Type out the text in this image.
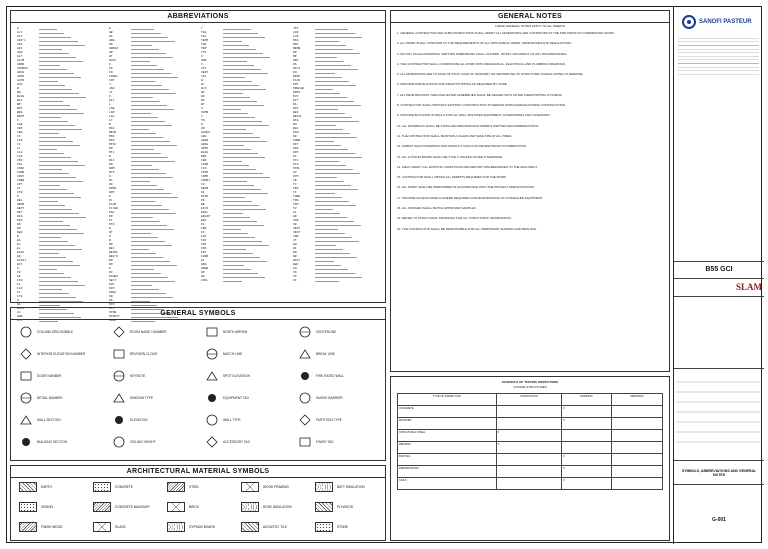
ABBREVIATIONS
A
A/C
ACT
ADD'L
ADJ
AFF
AHU
ALT
ALUM
ANOD
APPROX
ARCH
ASPH
AUTO
AVG
B
BD
BLDG
BLK
BM
BOT
BRG
BSMT
C
CAB
CEM
CER
CI
CIR
CJ
CL
CLG
CLR
CMU
COL
CONC
CONN
CONT
CORR
CPT
CT
CTR
D
DBL
DEMO
DEPT
DET
DIA
DIM
DN
DR
DWG
E
EA
EJ
EL
ELEV
EQ
EXIST
EXT
F
FD
FE
FIN
FL
FLR
FT
FTG
G
GA
GALV
GC
GWB
GYP
H
HB
HC
HDW
HM
HORIZ
HR
HT
HVAC
I
ID
IN
INSUL
INT
J
JAN
JT
K
KIT
L
LAB
LAM
LAV
LT
M
MAX
MECH
MFR
MIN
MISC
MO
MTL
N
NIC
NO
NOM
NTS
O
OC
OD
OPNG
OPP
P
PL
PLAM
PLYWD
PNL
PR
PT
PTD
Q
QT
R
R
RD
REF
REINF
REQ'D
RM
RO
S
SC
SCHED
SECT
SHT
SIM
SPEC
SQ
SS
STD
STL
STOR
STRUCT
SUSP
T
T&G
TEL
TEMP
THK
TOP
TYP
U
UNO
V
VCT
VERT
VIF
W
W/
W/O
WC
WD
WP
WT
X
XFMR
Y
YD
Z
ZN
ACOUS
ADH
AGGR
ANCH
APPD
BLKG
BRK
CBD
CHAM
CLO
CNTR
COMP
CONST
CU
DEPR
DF
DISP
DS
EB
EIFS
ENCL
EQUIP
EWC
FA
FBO
FF
FHC
FOC
FOF
FOS
FRT
FURR
GL
GRD
HDWD
HP
HW
INCL
JST
LKR
LVR
MAS
MDF
MEMB
MO
MR
NRC
OA
OFCI
OH
PERF
PLAS
PNT
PREFAB
PROJ
PVC
QTY
RA
RCP
RES
RESIL
RFG
RH
RWL
SAN
SD
SHWR
SKT
SOG
SPK
ST
STC
STA
STRL
SV
SYM
TB
TC
TER
TF
THRU
TOS
TPD
TV
UL
UR
VAR
VB
VENT
VEST
VNR
VT
WH
WI
WM
WR
WSCT
WWF
XH
XS
YP
ZC
GENERAL NOTES
THESE GENERAL NOTES APPLY TO ALL SHEETS
1. GENERAL CONTRACTOR AND SUBCONTRACTORS SHALL VERIFY ALL DIMENSIONS AND CONDITIONS AT THE SITE PRIOR TO COMMENCING WORK.
2. ALL WORK SHALL CONFORM TO THE REQUIREMENTS OF ALL APPLICABLE CODES, ORDINANCES AND REGULATIONS.
3. DO NOT SCALE DRAWINGS. WRITTEN DIMENSIONS SHALL GOVERN. NOTIFY ARCHITECT OF ANY DISCREPANCIES.
4. THE CONTRACTOR SHALL COORDINATE ALL WORK WITH MECHANICAL, ELECTRICAL AND PLUMBING DRAWINGS.
5. ALL DIMENSIONS ARE TO FACE OF STUD, FACE OF MASONRY OR CENTERLINE OF STRUCTURE UNLESS NOTED OTHERWISE.
6. PROVIDE FIRE BLOCKING AND DRAFTSTOPPING AS REQUIRED BY CODE.
7. ALL PENETRATIONS THROUGH RATED ASSEMBLIES SHALL BE SEALED WITH LISTED FIRESTOPPING SYSTEMS.
8. CONTRACTOR SHALL PROTECT EXISTING CONSTRUCTION TO REMAIN FROM DAMAGE DURING CONSTRUCTION.
9. PROVIDE BLOCKING IN WALLS FOR ALL WALL MOUNTED EQUIPMENT, ACCESSORIES AND CASEWORK.
10. ALL MATERIALS SHALL BE INSTALLED PER MANUFACTURER'S WRITTEN RECOMMENDATIONS.
11. THE CONTRACTOR SHALL MAINTAIN A CLEAN AND SAFE SITE AT ALL TIMES.
12. SUBMIT SHOP DRAWINGS AND PRODUCT DATA FOR REVIEW PRIOR TO FABRICATION.
13. ALL GYPSUM BOARD SHALL BE TYPE X UNLESS NOTED OTHERWISE.
14. FIELD VERIFY ALL EXISTING CONDITIONS AND REPORT DISCREPANCIES TO THE ARCHITECT.
15. CONTRACTOR SHALL OBTAIN ALL PERMITS REQUIRED FOR THE WORK.
16. ALL WORK SHALL BE PERFORMED IN ACCORDANCE WITH THE PROJECT SPECIFICATIONS.
17. PROVIDE ACCESS PANELS WHERE REQUIRED FOR MAINTENANCE OF CONCEALED EQUIPMENT.
18. ALL FINISHES SHALL MATCH APPROVED SAMPLES.
19. REFER TO STRUCTURAL DRAWINGS FOR ALL STRUCTURAL INFORMATION.
20. THE CONTRACTOR SHALL BE RESPONSIBLE FOR ALL TEMPORARY SHORING AND BRACING.
GENERAL SYMBOLS
COLUMN GRID BUBBLE
INTERIOR ELEVATION NUMBER
DOOR NUMBER
DETAIL NUMBER
WALL SECTION
BUILDING SECTION
ROOM NAME / NUMBER
REVISION CLOUD
KEYNOTE
WINDOW TYPE
ELEVATION
CEILING HEIGHT
NORTH ARROW
MATCH LINE
SPOT ELEVATION
EQUIPMENT TAG
WALL TYPE
ACCESSORY TAG
CENTERLINE
BREAK LINE
FIRE RATED WALL
SMOKE BARRIER
PARTITION TYPE
FINISH TAG
SCHEDULE OF TESTING INSPECTIONS
UNSAFE STRUCTURES
TYPE OF INSPECTION	CONTINUOUS	PERIODIC	REMARKS
CONCRETE		X	
MASONRY		X	
STRUCTURAL STEEL	X		
WELDING	X		
BOLTING		X	
FIREPROOFING		X	
SOILS		X	
ARCHITECTURAL MATERIAL SYMBOLS
EARTH	CONCRETE	STEEL	WOOD FRAMING	BATT INSULATION
GRAVEL	CONCRETE MASONRY	BRICK	RIGID INSULATION	PLYWOOD
FINISH WOOD	GLASS	GYPSUM BOARD	ACOUSTIC TILE	STONE
SANOFI PASTEUR
B55 GCI
SLAM
SYMBOLS, ABBREVIATIONS AND GENERAL NOTES
G-001
